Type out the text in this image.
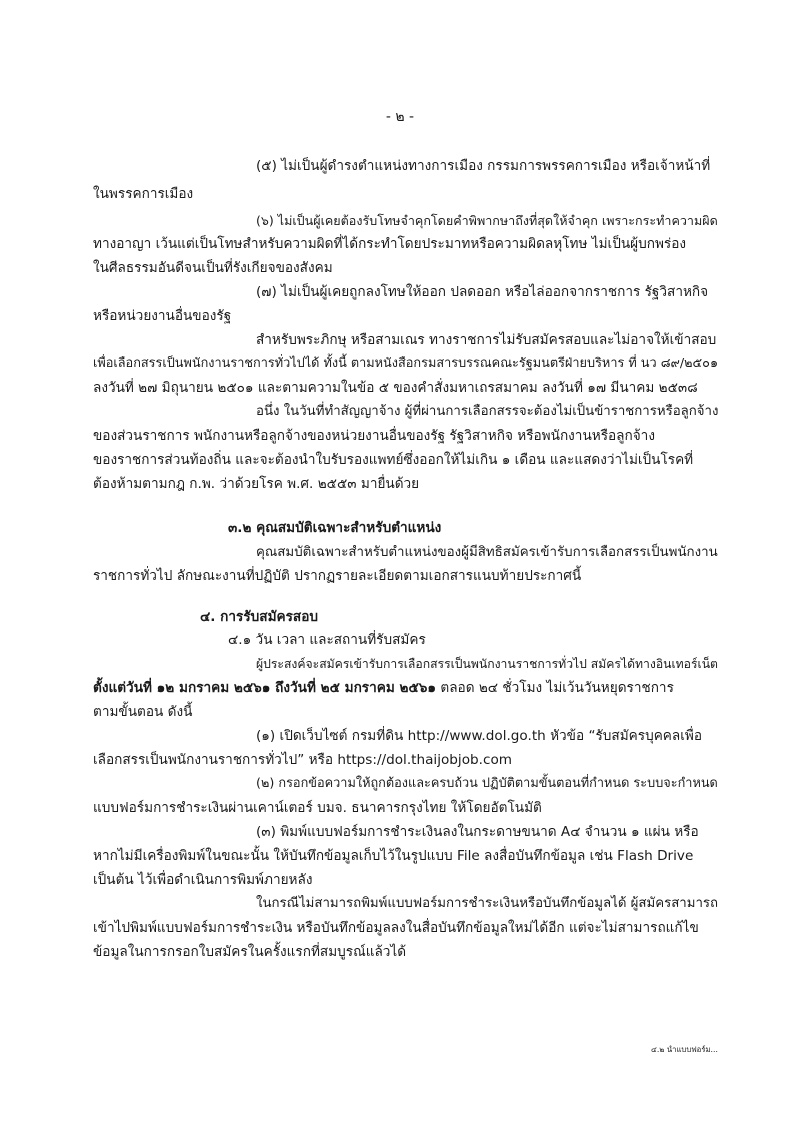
- ๒ -
(๕) ไม่เป็นผู้ดำรงตำแหน่งทางการเมือง กรรมการพรรคการเมือง หรือเจ้าหน้าที่
ในพรรคการเมือง
(๖) ไม่เป็นผู้เคยต้องรับโทษจำคุกโดยคำพิพากษาถึงที่สุดให้จำคุก เพราะกระทำความผิด
ทางอาญา เว้นแต่เป็นโทษสำหรับความผิดที่ได้กระทำโดยประมาทหรือความผิดลหุโทษ ไม่เป็นผู้บกพร่อง
ในศีลธรรมอันดีจนเป็นที่รังเกียจของสังคม
(๗) ไม่เป็นผู้เคยถูกลงโทษให้ออก ปลดออก หรือไล่ออกจากราชการ รัฐวิสาหกิจ
หรือหน่วยงานอื่นของรัฐ
สำหรับพระภิกษุ หรือสามเณร ทางราชการไม่รับสมัครสอบและไม่อาจให้เข้าสอบ
เพื่อเลือกสรรเป็นพนักงานราชการทั่วไปได้ ทั้งนี้ ตามหนังสือกรมสารบรรณคณะรัฐมนตรีฝ่ายบริหาร ที่ นว ๘๙/๒๕๐๑
ลงวันที่ ๒๗ มิถุนายน ๒๕๐๑ และตามความในข้อ ๕ ของคำสั่งมหาเถรสมาคม ลงวันที่ ๑๗ มีนาคม ๒๕๓๘
อนึ่ง ในวันที่ทำสัญญาจ้าง ผู้ที่ผ่านการเลือกสรรจะต้องไม่เป็นข้าราชการหรือลูกจ้าง
ของส่วนราชการ พนักงานหรือลูกจ้างของหน่วยงานอื่นของรัฐ รัฐวิสาหกิจ หรือพนักงานหรือลูกจ้าง
ของราชการส่วนท้องถิ่น และจะต้องนำใบรับรองแพทย์ซึ่งออกให้ไม่เกิน ๑ เดือน และแสดงว่าไม่เป็นโรคที่
ต้องห้ามตามกฎ ก.พ. ว่าด้วยโรค พ.ศ. ๒๕๕๓ มายื่นด้วย
๓.๒ คุณสมบัติเฉพาะสำหรับตำแหน่ง
คุณสมบัติเฉพาะสำหรับตำแหน่งของผู้มีสิทธิสมัครเข้ารับการเลือกสรรเป็นพนักงาน
ราชการทั่วไป ลักษณะงานที่ปฏิบัติ ปรากฏรายละเอียดตามเอกสารแนบท้ายประกาศนี้
๔. การรับสมัครสอบ
๔.๑ วัน เวลา และสถานที่รับสมัคร
ผู้ประสงค์จะสมัครเข้ารับการเลือกสรรเป็นพนักงานราชการทั่วไป สมัครได้ทางอินเทอร์เน็ต
ตั้งแต่วันที่ ๑๒ มกราคม ๒๕๖๑ ถึงวันที่ ๒๕ มกราคม ๒๕๖๑ ตลอด ๒๔ ชั่วโมง ไม่เว้นวันหยุดราชการ
ตามขั้นตอน ดังนี้
(๑) เปิดเว็บไซต์ กรมที่ดิน http://www.dol.go.th หัวข้อ “รับสมัครบุคคลเพื่อ
เลือกสรรเป็นพนักงานราชการทั่วไป” หรือ https://dol.thaijobjob.com
(๒) กรอกข้อความให้ถูกต้องและครบถ้วน ปฏิบัติตามขั้นตอนที่กำหนด ระบบจะกำหนด
แบบฟอร์มการชำระเงินผ่านเคาน์เตอร์ บมจ. ธนาคารกรุงไทย ให้โดยอัตโนมัติ
(๓) พิมพ์แบบฟอร์มการชำระเงินลงในกระดาษขนาด A๔ จำนวน ๑ แผ่น หรือ
หากไม่มีเครื่องพิมพ์ในขณะนั้น ให้บันทึกข้อมูลเก็บไว้ในรูปแบบ File ลงสื่อบันทึกข้อมูล เช่น Flash Drive
เป็นต้น ไว้เพื่อดำเนินการพิมพ์ภายหลัง
ในกรณีไม่สามารถพิมพ์แบบฟอร์มการชำระเงินหรือบันทึกข้อมูลได้ ผู้สมัครสามารถ
เข้าไปพิมพ์แบบฟอร์มการชำระเงิน หรือบันทึกข้อมูลลงในสื่อบันทึกข้อมูลใหม่ได้อีก แต่จะไม่สามารถแก้ไข
ข้อมูลในการกรอกใบสมัครในครั้งแรกที่สมบูรณ์แล้วได้
๔.๒ นำแบบฟอร์ม...
